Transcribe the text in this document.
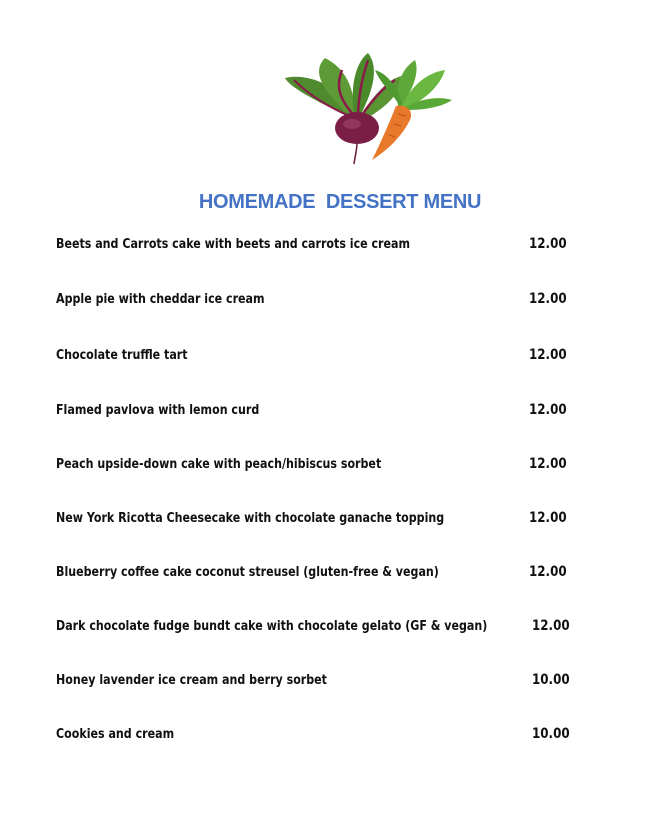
HOMEMADE  DESSERT MENU
Beets and Carrots cake with beets and carrots ice cream	12.00
Apple pie with cheddar ice cream	12.00
Chocolate truffle tart	12.00
Flamed pavlova with lemon curd	12.00
Peach upside-down cake with peach/hibiscus sorbet	12.00
New York Ricotta Cheesecake with chocolate ganache topping	12.00
Blueberry coffee cake coconut streusel (gluten-free & vegan)	12.00
Dark chocolate fudge bundt cake with chocolate gelato (GF & vegan)	12.00
Honey lavender ice cream and berry sorbet	10.00
Cookies and cream	10.00
